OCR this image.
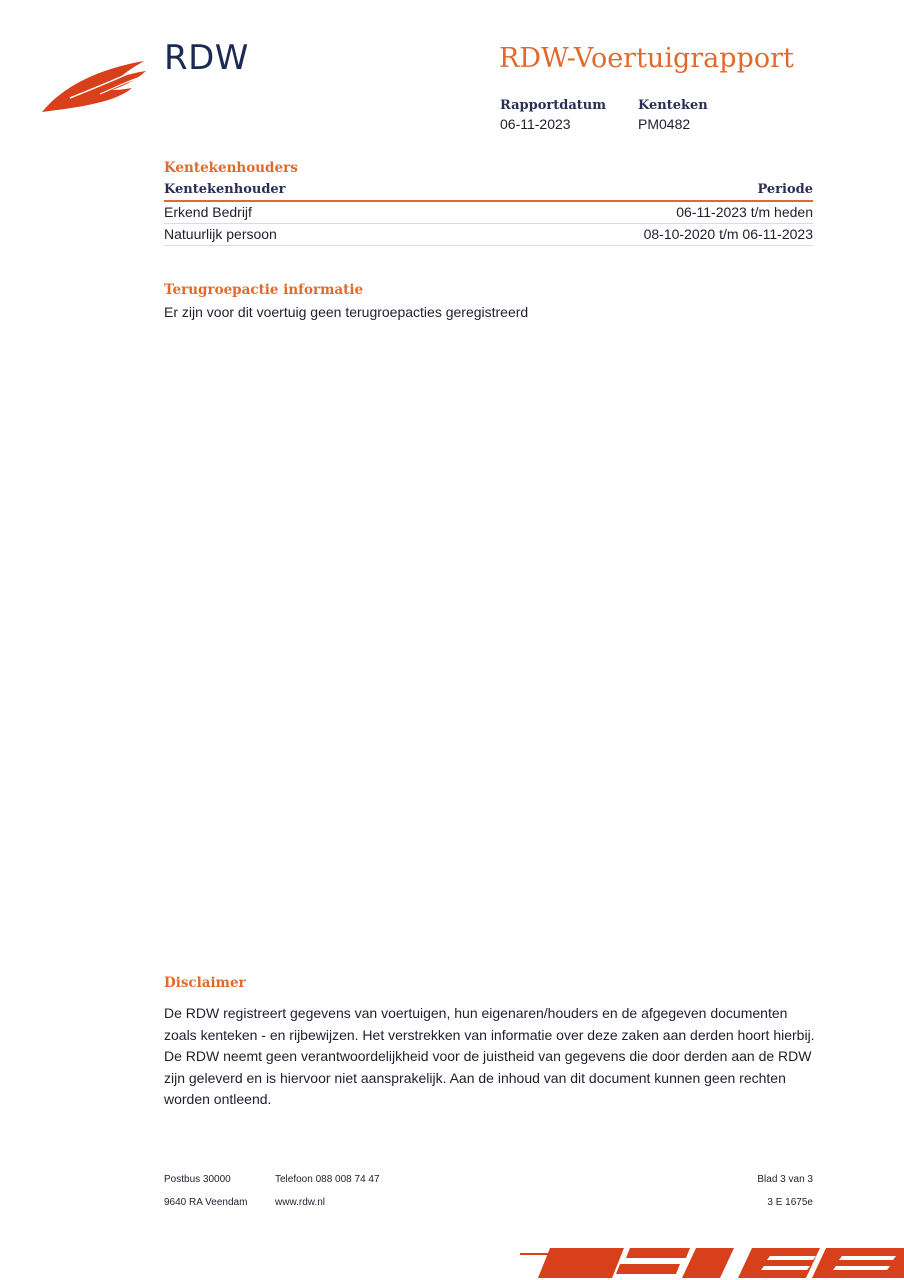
RDW	RDW-Voertuigrapport
Rapportdatum
06-11-2023
Kenteken
PM0482
Kentekenhouders
Kentekenhouder	Periode
Erkend Bedrijf	06-11-2023 t/m heden
Natuurlijk persoon	08-10-2020 t/m 06-11-2023
Terugroepactie informatie
Er zijn voor dit voertuig geen terugroepacties geregistreerd
Disclaimer
De RDW registreert gegevens van voertuigen, hun eigenaren/houders en de afgegeven documenten zoals kenteken - en rijbewijzen. Het verstrekken van informatie over deze zaken aan derden hoort hierbij. De RDW neemt geen verantwoordelijkheid voor de juistheid van gegevens die door derden aan de RDW zijn geleverd en is hiervoor niet aansprakelijk. Aan de inhoud van dit document kunnen geen rechten worden ontleend.
Postbus 30000
9640 RA Veendam
Telefoon 088 008 74 47
www.rdw.nl
Blad 3 van 3
3 E 1675e
